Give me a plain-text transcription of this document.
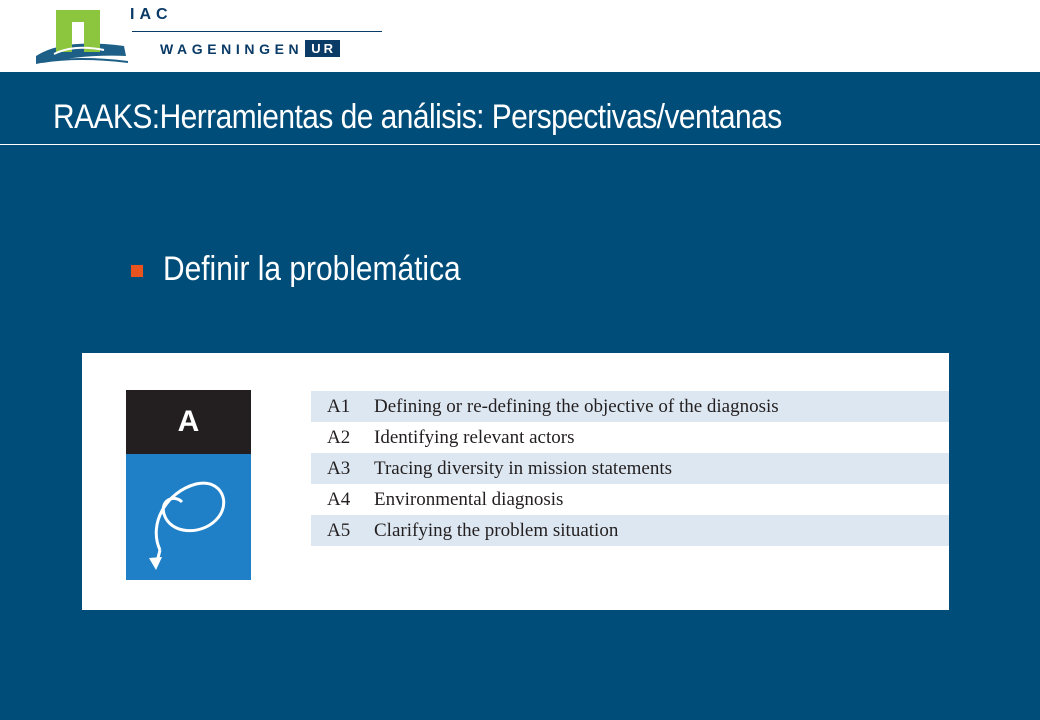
IAC
WAGENINGEN UR
RAAKS:Herramientas de análisis: Perspectivas/ventanas
Definir la problemática
A	A1	Defining or re-defining the objective of the diagnosis
A2	Identifying relevant actors
A3	Tracing diversity in mission statements
A4	Environmental diagnosis
A5	Clarifying the problem situation
